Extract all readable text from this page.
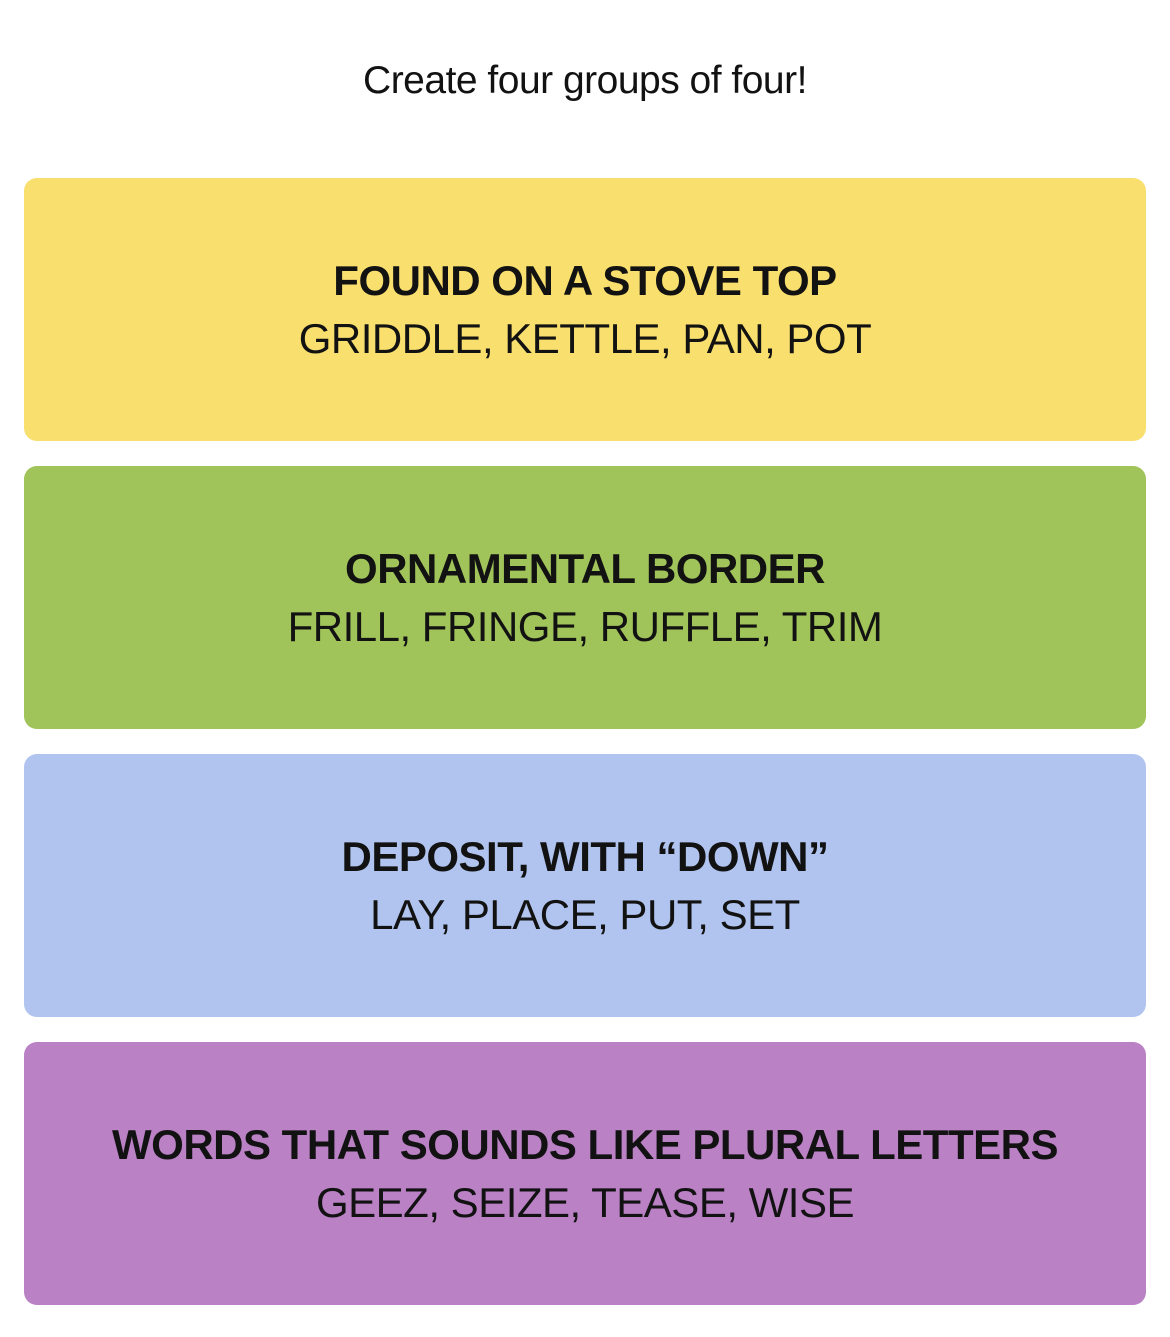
Create four groups of four!
FOUND ON A STOVE TOP
GRIDDLE, KETTLE, PAN, POT
ORNAMENTAL BORDER
FRILL, FRINGE, RUFFLE, TRIM
DEPOSIT, WITH “DOWN”
LAY, PLACE, PUT, SET
WORDS THAT SOUNDS LIKE PLURAL LETTERS
GEEZ, SEIZE, TEASE, WISE
